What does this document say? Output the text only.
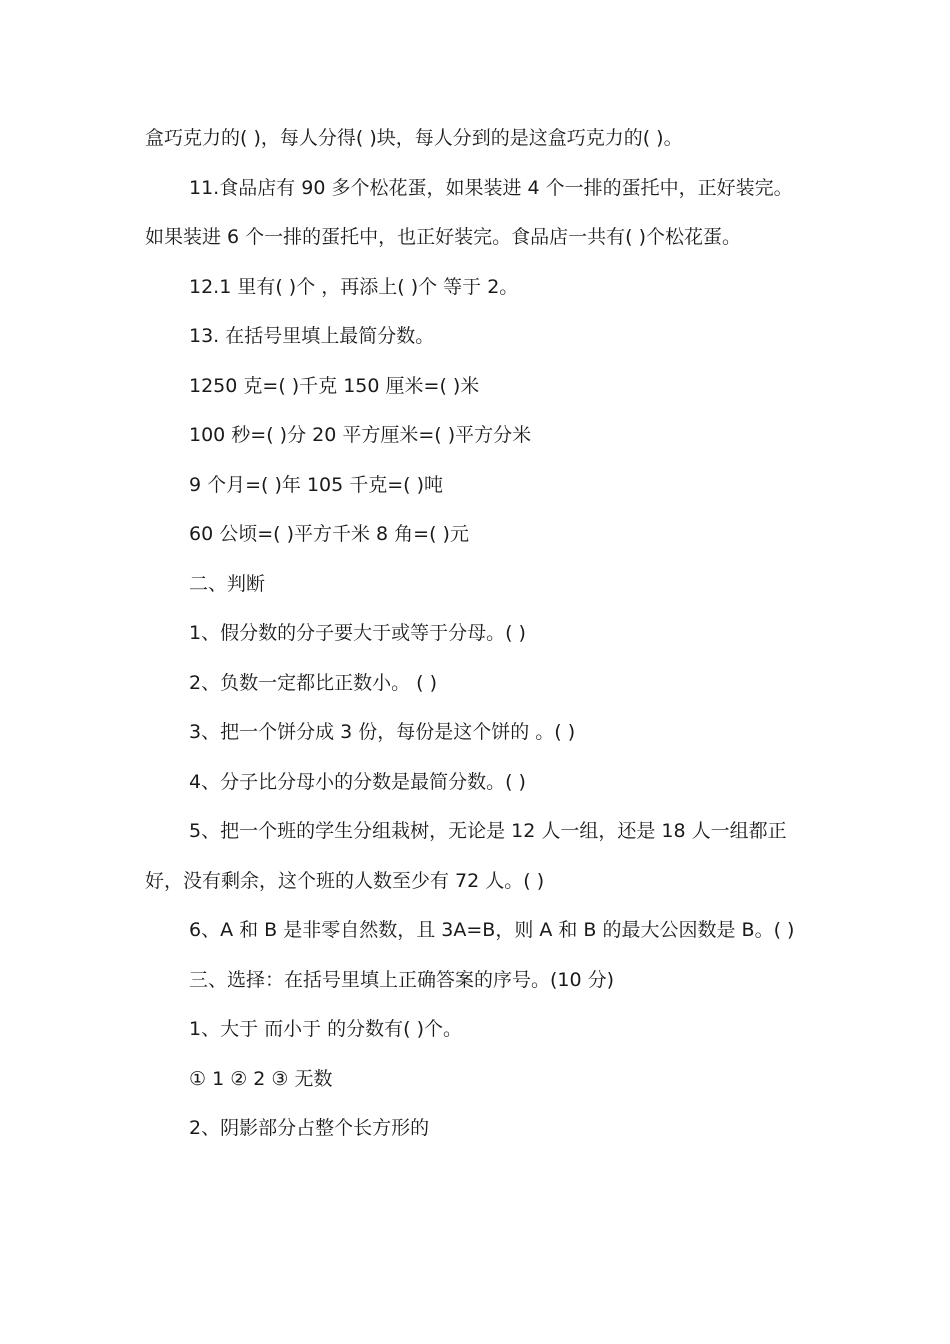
盒巧克力的( )，每人分得( )块，每人分到的是这盒巧克力的( )。

11.食品店有 90 多个松花蛋，如果装进 4 个一排的蛋托中，正好装完。如果装进 6 个一排的蛋托中，也正好装完。食品店一共有( )个松花蛋。

12.1 里有( )个 ，再添上( )个 等于 2。

13. 在括号里填上最简分数。

1250 克=( )千克 150 厘米=( )米

100 秒=( )分 20 平方厘米=( )平方分米

9 个月=( )年 105 千克=( )吨

60 公顷=( )平方千米 8 角=( )元

二、判断

1、假分数的分子要大于或等于分母。( )

2、负数一定都比正数小。 ( )

3、把一个饼分成 3 份，每份是这个饼的 。( )

4、分子比分母小的分数是最简分数。( )

5、把一个班的学生分组栽树，无论是 12 人一组，还是 18 人一组都正好，没有剩余，这个班的人数至少有 72 人。( )

6、A 和 B 是非零自然数，且 3A=B，则 A 和 B 的最大公因数是 B。( )

三、选择：在括号里填上正确答案的序号。(10 分)

1、大于 而小于 的分数有( )个。

① 1 ② 2 ③ 无数

2、阴影部分占整个长方形的
